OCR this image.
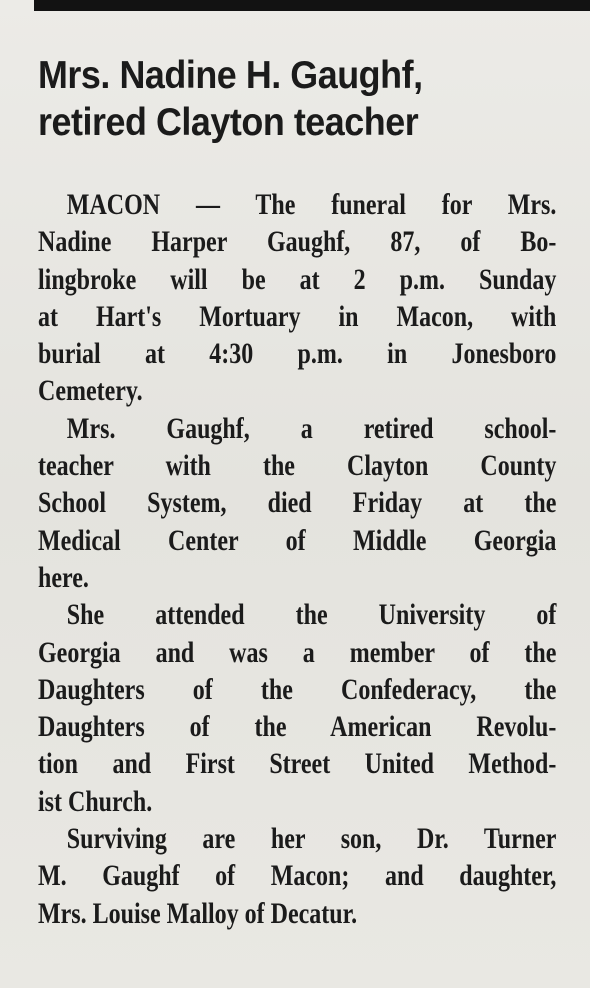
Mrs. Nadine H. Gaughf,
retired Clayton teacher
MACON — The funeral for Mrs.
Nadine Harper Gaughf, 87, of Bo-
lingbroke will be at 2 p.m. Sunday
at Hart's Mortuary in Macon, with
burial at 4:30 p.m. in Jonesboro
Cemetery.
Mrs. Gaughf, a retired school-
teacher with the Clayton County
School System, died Friday at the
Medical Center of Middle Georgia
here.
She attended the University of
Georgia and was a member of the
Daughters of the Confederacy, the
Daughters of the American Revolu-
tion and First Street United Method-
ist Church.
Surviving are her son, Dr. Turner
M. Gaughf of Macon; and daughter,
Mrs. Louise Malloy of Decatur.
